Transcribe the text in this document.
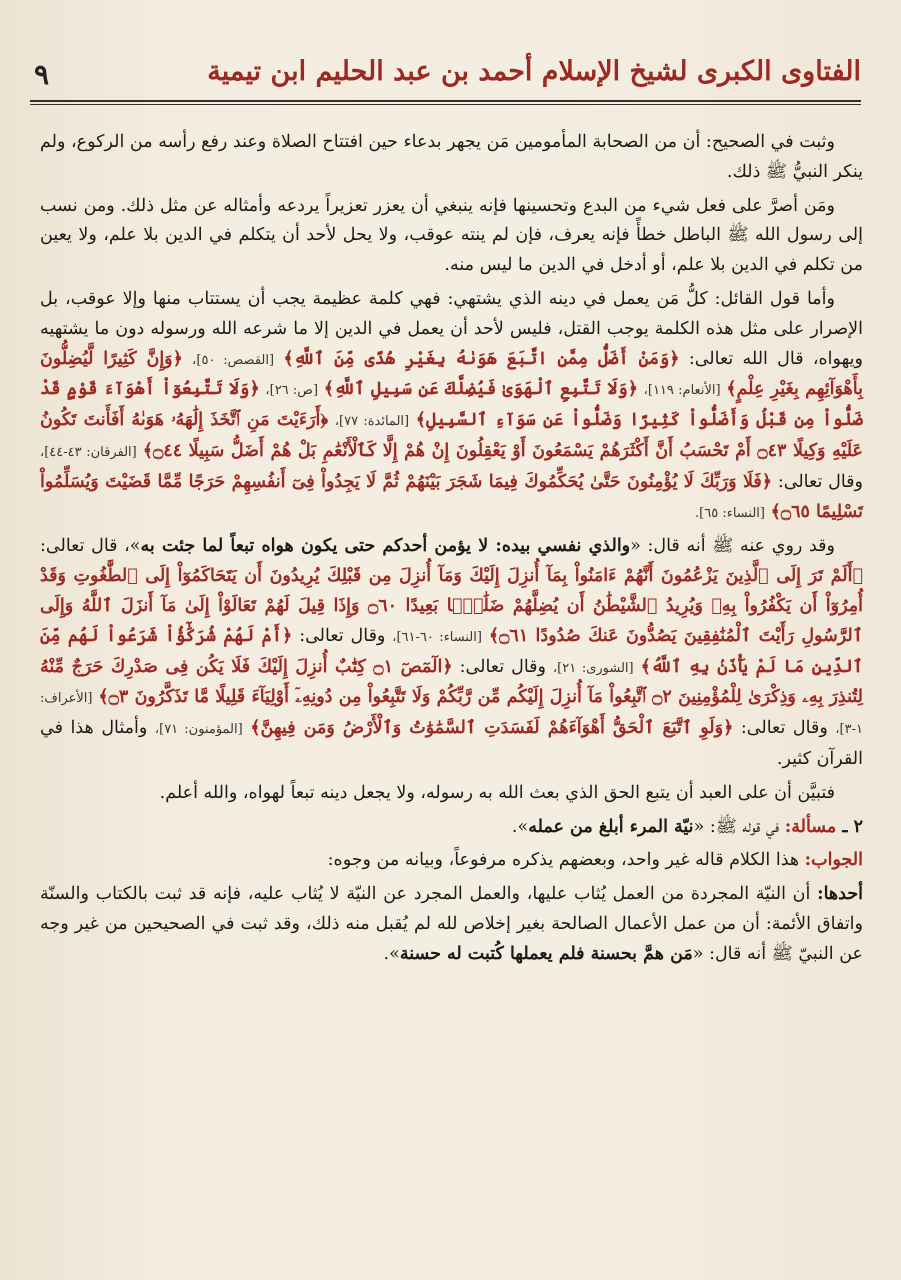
الفتاوى الكبرى لشيخ الإسلام أحمد بن عبد الحليم ابن تيمية
٩

وثبت في الصحيح: أن من الصحابة المأمومين مَن يجهر بدعاء حين افتتاح الصلاة وعند رفع رأسه من الركوع، ولم ينكر النبيُّ ﷺ ذلك.

ومَن أصرَّ على فعل شيء من البدع وتحسينها فإنه ينبغي أن يعزر تعزيراً يردعه وأمثاله عن مثل ذلك. ومن نسب إلى رسول الله ﷺ الباطل خطأً فإنه يعرف، فإن لم ينته عوقب، ولا يحل لأحد أن يتكلم في الدين بلا علم، ولا يعين من تكلم في الدين بلا علم، أو أدخل في الدين ما ليس منه.

وأما قول القائل: كلُّ مَن يعمل في دينه الذي يشتهي: فهي كلمة عظيمة يجب أن يستتاب منها وإلا عوقب، بل الإصرار على مثل هذه الكلمة يوجب القتل، فليس لأحد أن يعمل في الدين إلا ما شرعه الله ورسوله دون ما يشتهيه ويهواه، قال الله تعالى: ﴿وَمَنْ أَضَلُّ مِمَّنِ اتَّبَعَ هَوَىٰهُ بِغَيْرِ هُدًى مِّنَ ٱللَّهِ﴾ [القصص: ٥٠]، ﴿وَإِنَّ كَثِيرًا لَّيُضِلُّونَ بِأَهْوَآئِهِم بِغَيْرِ عِلْمٍ﴾ [الأنعام: ١١٩]، ﴿وَلَا تَتَّبِعِ ٱلْهَوَىٰ فَيُضِلَّكَ عَن سَبِيلِ ٱللَّهِ﴾ [ص: ٢٦]، ﴿وَلَا تَتَّبِعُوٓاْ أَهْوَآءَ قَوْمٍ قَدْ ضَلُّواْ مِن قَبْلُ وَأَضَلُّواْ كَثِيرًا وَضَلُّواْ عَن سَوَآءِ ٱلسَّبِيلِ﴾ [المائدة: ٧٧]، ﴿أَرَءَيْتَ مَنِ ٱتَّخَذَ إِلَٰهَهُۥ هَوَىٰهُ أَفَأَنتَ تَكُونُ عَلَيْهِ وَكِيلًا ۝٤٣ أَمْ تَحْسَبُ أَنَّ أَكْثَرَهُمْ يَسْمَعُونَ أَوْ يَعْقِلُونَ إِنْ هُمْ إِلَّا كَٱلْأَنْعَٰمِ بَلْ هُمْ أَضَلُّ سَبِيلًا ۝٤٤﴾ [الفرقان: ٤٣-٤٤]، وقال تعالى: ﴿فَلَا وَرَبِّكَ لَا يُؤْمِنُونَ حَتَّىٰ يُحَكِّمُوكَ فِيمَا شَجَرَ بَيْنَهُمْ ثُمَّ لَا يَجِدُواْ فِىٓ أَنفُسِهِمْ حَرَجًا مِّمَّا قَضَيْتَ وَيُسَلِّمُواْ تَسْلِيمًا ۝٦٥﴾ [النساء: ٦٥].

وقد روي عنه ﷺ أنه قال: «والذي نفسي بيده: لا يؤمن أحدكم حتى يكون هواه تبعاً لما جئت به»، قال تعالى: ﴿أَلَمْ تَرَ إِلَى ٱلَّذِينَ يَزْعُمُونَ أَنَّهُمْ ءَامَنُواْ بِمَآ أُنزِلَ إِلَيْكَ وَمَآ أُنزِلَ مِن قَبْلِكَ يُرِيدُونَ أَن يَتَحَاكَمُوٓاْ إِلَى ٱلطَّٰغُوتِ وَقَدْ أُمِرُوٓاْ أَن يَكْفُرُواْ بِهِۦ وَيُرِيدُ ٱلشَّيْطَٰنُ أَن يُضِلَّهُمْ ضَلَٰلًۢا بَعِيدًا ۝٦٠ وَإِذَا قِيلَ لَهُمْ تَعَالَوْاْ إِلَىٰ مَآ أَنزَلَ ٱللَّهُ وَإِلَى ٱلرَّسُولِ رَأَيْتَ ٱلْمُنَٰفِقِينَ يَصُدُّونَ عَنكَ صُدُودًا ۝٦١﴾ [النساء: ٦٠-٦١]، وقال تعالى: ﴿أَمْ لَهُمْ شُرَكَٰٓؤُاْ شَرَعُواْ لَهُم مِّنَ ٱلدِّينِ مَا لَمْ يَأْذَنۢ بِهِ ٱللَّهُ﴾ [الشورى: ٢١]، وقال تعالى: ﴿الٓمٓصٓ ۝١ كِتَٰبٌ أُنزِلَ إِلَيْكَ فَلَا يَكُن فِى صَدْرِكَ حَرَجٌ مِّنْهُ لِتُنذِرَ بِهِۦ وَذِكْرَىٰ لِلْمُؤْمِنِينَ ۝٢ ٱتَّبِعُواْ مَآ أُنزِلَ إِلَيْكُم مِّن رَّبِّكُمْ وَلَا تَتَّبِعُواْ مِن دُونِهِۦٓ أَوْلِيَآءَ قَلِيلًا مَّا تَذَكَّرُونَ ۝٣﴾ [الأعراف: ١-٣]، وقال تعالى: ﴿وَلَوِ ٱتَّبَعَ ٱلْحَقُّ أَهْوَآءَهُمْ لَفَسَدَتِ ٱلسَّمَٰوَٰتُ وَٱلْأَرْضُ وَمَن فِيهِنَّ﴾ [المؤمنون: ٧١]، وأمثال هذا في القرآن كثير.

فتبيَّن أن على العبد أن يتبع الحق الذي بعث الله به رسوله، ولا يجعل دينه تبعاً لهواه، والله أعلم.

٢ ـ مسألة: في قوله ﷺ: «نيّة المرء أبلغ من عمله».

الجواب: هذا الكلام قاله غير واحد، وبعضهم يذكره مرفوعاً، وبيانه من وجوه:

أحدها: أن النيّة المجردة من العمل يُثاب عليها، والعمل المجرد عن النيّة لا يُثاب عليه، فإنه قد ثبت بالكتاب والسنّة واتفاق الأئمة: أن من عمل الأعمال الصالحة بغير إخلاص لله لم يُقبل منه ذلك، وقد ثبت في الصحيحين من غير وجه عن النبيّ ﷺ أنه قال: «مَن همَّ بحسنة فلم يعملها كُتبت له حسنة».
